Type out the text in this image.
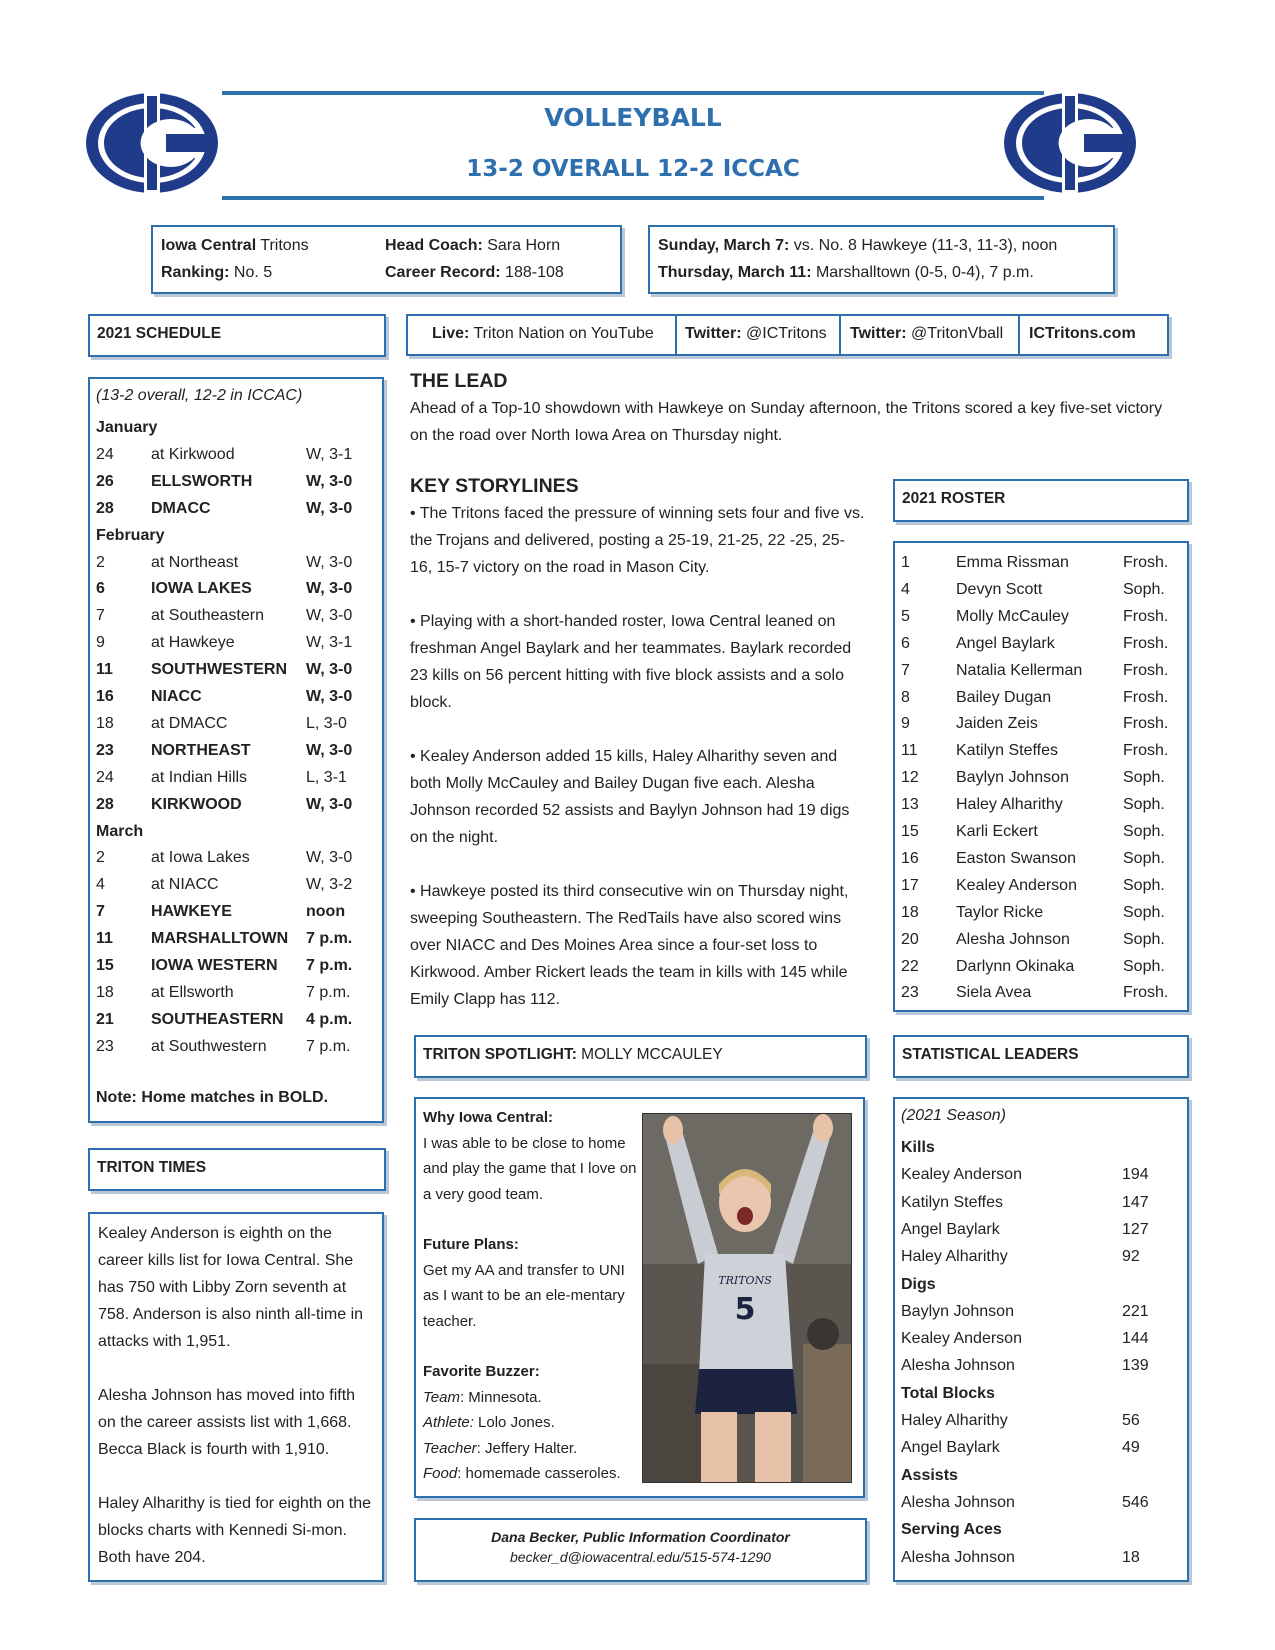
VOLLEYBALL
13-2 OVERALL 12-2 ICCAC
Iowa Central Tritons
Ranking: No. 5
Head Coach: Sara Horn
Career Record: 188-108
Sunday, March 7: vs. No. 8 Hawkeye (11-3, 11-3), noon
Thursday, March 11: Marshalltown (0-5, 0-4), 7 p.m.
Live: Triton Nation on YouTube	Twitter: @ICTritons	Twitter: @TritonVball	ICTritons.com
2021 SCHEDULE
(13-2 overall, 12-2 in ICCAC)
January
24 at Kirkwood	W, 3-1
26 ELLSWORTH	W, 3-0
28 DMACC	W, 3-0
February
2	at Northeast	W, 3-0
6	IOWA LAKES	W, 3-0
7	at Southeastern	W, 3-0
9	at Hawkeye	W, 3-1
11 SOUTHWESTERN W, 3-0
16 NIACC	W, 3-0
18 at DMACC	L, 3-0
23 NORTHEAST	W, 3-0
24 at Indian Hills	L, 3-1
28 KIRKWOOD	W, 3-0
March
2	at Iowa Lakes	W, 3-0
4	at NIACC	W, 3-2
7	HAWKEYE	noon
11 MARSHALLTOWN 7 p.m.
15 IOWA WESTERN 7 p.m.
18 at Ellsworth	7 p.m.
21 SOUTHEASTERN 4 p.m.
23 at Southwestern 7 p.m.
Note: Home matches in BOLD.
TRITON TIMES

Kealey Anderson is eighth on the career kills list for Iowa Central. She has 750 with Libby Zorn seventh at 758. Anderson is also ninth all-time in attacks with 1,951.

Alesha Johnson has moved into fifth on the career assists list with 1,668. Becca Black is fourth with 1,910.

Haley Alharithy is tied for eighth on the blocks charts with Kennedi Si-mon. Both have 204.

THE LEAD

Ahead of a Top-10 showdown with Hawkeye on Sunday afternoon, the Tritons scored a key five-set victory on the road over North Iowa Area on Thursday night.

KEY STORYLINES

• The Tritons faced the pressure of winning sets four and five vs. the Trojans and delivered, posting a 25-19, 21-25, 22 -25, 25-16, 15-7 victory on the road in Mason City.

• Playing with a short-handed roster, Iowa Central leaned on freshman Angel Baylark and her teammates. Baylark recorded 23 kills on 56 percent hitting with five block assists and a solo block.

• Kealey Anderson added 15 kills, Haley Alharithy seven and both Molly McCauley and Bailey Dugan five each. Alesha Johnson recorded 52 assists and Baylyn Johnson had 19 digs on the night.

• Hawkeye posted its third consecutive win on Thursday night, sweeping Southeastern. The RedTails have also scored wins over NIACC and Des Moines Area since a four-set loss to Kirkwood. Amber Rickert leads the team in kills with 145 while Emily Clapp has 112.

2021 ROSTER
1	Emma Rissman	Frosh.
4	Devyn Scott	Soph.
5	Molly McCauley	Frosh.
6	Angel Baylark	Frosh.
7	Natalia Kellerman	Frosh.
8	Bailey Dugan	Frosh.
9	Jaiden Zeis	Frosh.
11 Katilyn Steffes	Frosh.
12 Baylyn Johnson	Soph.
13 Haley Alharithy	Soph.
15 Karli Eckert	Soph.
16 Easton Swanson	Soph.
17 Kealey Anderson	Soph.
18 Taylor Ricke	Soph.
20 Alesha Johnson	Soph.
22 Darlynn Okinaka	Soph.
23 Siela Avea	Frosh.
TRITON SPOTLIGHT: MOLLY MCCAULEY
Why Iowa Central:
I was able to be close to home and play the game that I love on a very good team.
Future Plans:
Get my AA and transfer to UNI as I want to be an ele-mentary teacher.
Favorite Buzzer:
Team: Minnesota.
Athlete: Lolo Jones.
Teacher: Jeffery Halter.
Food: homemade casseroles.
TRITONS
5
Dana Becker, Public Information Coordinator
becker_d@iowacentral.edu/515-574-1290
STATISTICAL LEADERS
(2021 Season)
Kills
Kealey Anderson	194
Katilyn Steffes	147
Angel Baylark	127
Haley Alharithy	92
Digs
Baylyn Johnson	221
Kealey Anderson	144
Alesha Johnson	139
Total Blocks
Haley Alharithy	56
Angel Baylark	49
Assists
Alesha Johnson	546
Serving Aces
Alesha Johnson	18
